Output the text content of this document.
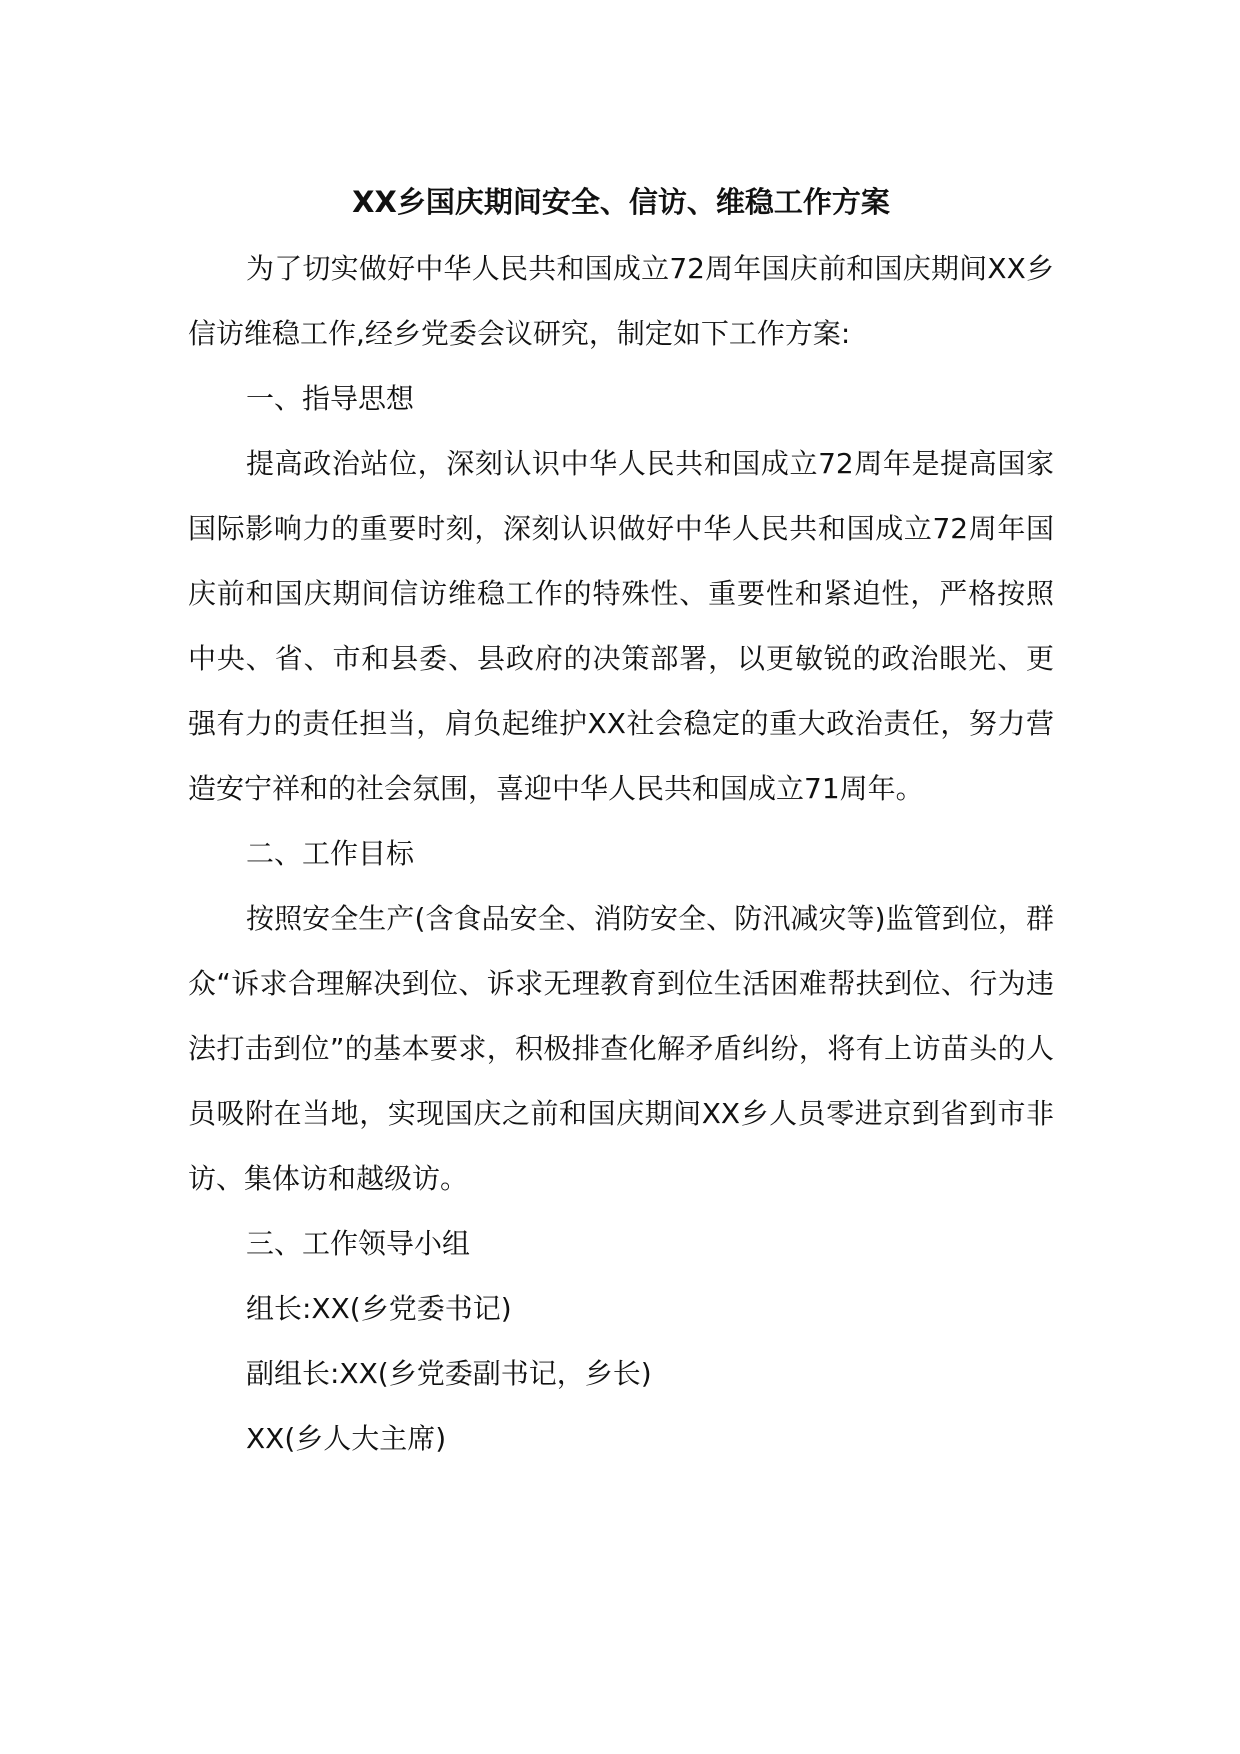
XX乡国庆期间安全、信访、维稳工作方案

为了切实做好中华人民共和国成立72周年国庆前和国庆期间XX乡信访维稳工作,经乡党委会议研究，制定如下工作方案:

一、指导思想

提高政治站位，深刻认识中华人民共和国成立72周年是提高国家国际影响力的重要时刻，深刻认识做好中华人民共和国成立72周年国庆前和国庆期间信访维稳工作的特殊性、重要性和紧迫性，严格按照中央、省、市和县委、县政府的决策部署，以更敏锐的政治眼光、更强有力的责任担当，肩负起维护XX社会稳定的重大政治责任，努力营造安宁祥和的社会氛围，喜迎中华人民共和国成立71周年。

二、工作目标

按照安全生产(含食品安全、消防安全、防汛减灾等)监管到位，群众“诉求合理解决到位、诉求无理教育到位生活困难帮扶到位、行为违法打击到位”的基本要求，积极排查化解矛盾纠纷，将有上访苗头的人员吸附在当地，实现国庆之前和国庆期间XX乡人员零进京到省到市非访、集体访和越级访。

三、工作领导小组

组长:XX(乡党委书记)

副组长:XX(乡党委副书记，乡长)

XX(乡人大主席)
